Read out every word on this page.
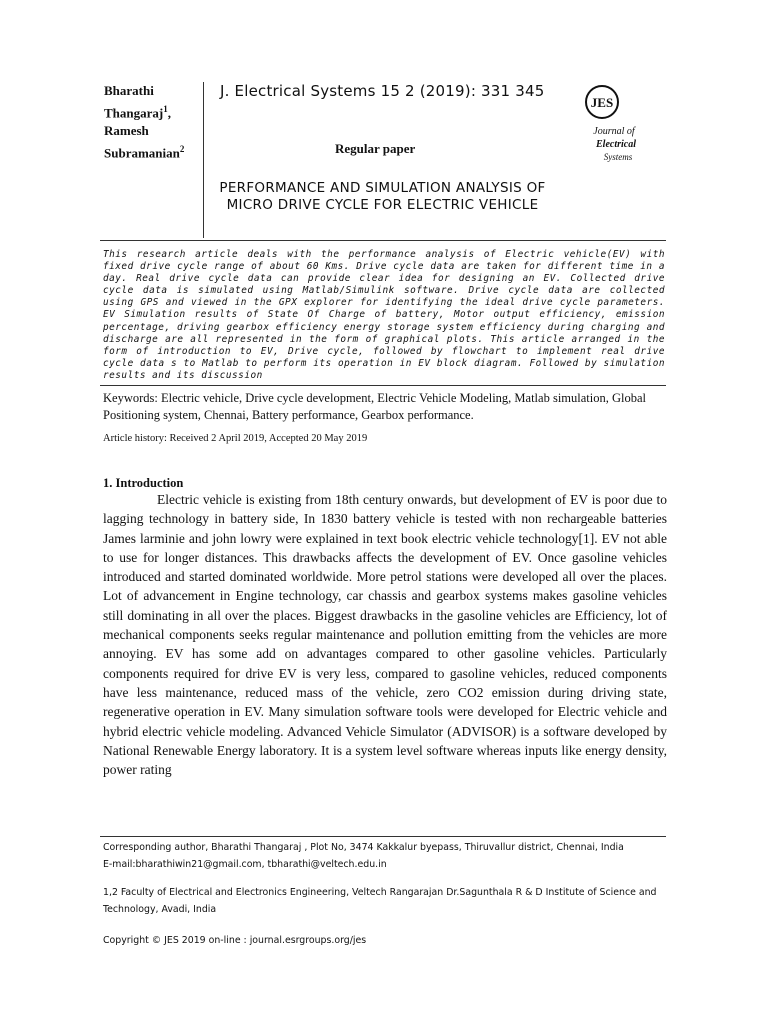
Bharathi
Thangaraj$^1$,
Ramesh
Subramanian$^2$
J. Electrical Systems 15 2 (2019): 331 345
Regular paper
PERFORMANCE AND SIMULATION ANALYSIS OF MICRO DRIVE CYCLE FOR ELECTRIC VEHICLE
JES
Journal of
Electrical
Systems
This research article deals with the performance analysis of Electric vehicle(EV) with fixed drive cycle range of about 60 Kms. Drive cycle data are taken for different time in a day. Real drive cycle data can provide clear idea for designing an EV. Collected drive cycle data is simulated using Matlab/Simulink software. Drive cycle data are collected using GPS and viewed in the GPX explorer for identifying the ideal drive cycle parameters. EV Simulation results of State Of Charge of battery, Motor output efficiency, emission percentage, driving gearbox efficiency energy storage system efficiency during charging and discharge are all represented in the form of graphical plots. This article arranged in the form of introduction to EV, Drive cycle, followed by flowchart to implement real drive cycle data s to Matlab to perform its operation in EV block diagram. Followed by simulation results and its discussion
Keywords: Electric vehicle, Drive cycle development, Electric Vehicle Modeling, Matlab simulation, Global Positioning system, Chennai, Battery performance, Gearbox performance.
Article history: Received 2 April 2019, Accepted 20 May 2019
1. Introduction
Electric vehicle is existing from 18th century onwards, but development of EV is poor due to lagging technology in battery side, In 1830 battery vehicle is tested with non rechargeable batteries James larminie and john lowry were explained in text book electric vehicle technology[1]. EV not able to use for longer distances. This drawbacks affects the development of EV. Once gasoline vehicles introduced and started dominated worldwide. More petrol stations were developed all over the places. Lot of advancement in Engine technology, car chassis and gearbox systems makes gasoline vehicles still dominating in all over the places. Biggest drawbacks in the gasoline vehicles are Efficiency, lot of mechanical components seeks regular maintenance and pollution emitting from the vehicles are more annoying. EV has some add on advantages compared to other gasoline vehicles. Particularly components required for drive EV is very less, compared to gasoline vehicles, reduced components have less maintenance, reduced mass of the vehicle, zero CO2 emission during driving state, regenerative operation in EV. Many simulation software tools were developed for Electric vehicle and hybrid electric vehicle modeling. Advanced Vehicle Simulator (ADVISOR) is a software developed by National Renewable Energy laboratory. It is a system level software whereas inputs like energy density, power rating
Corresponding author, Bharathi Thangaraj , Plot No, 3474 Kakkalur byepass, Thiruvallur district, Chennai, India
E-mail:bharathiwin21@gmail.com, tbharathi@veltech.edu.in
1,2 Faculty of Electrical and Electronics Engineering, Veltech Rangarajan Dr.Sagunthala R & D Institute of Science and Technology, Avadi, India
Copyright © JES 2019 on-line : journal.esrgroups.org/jes
